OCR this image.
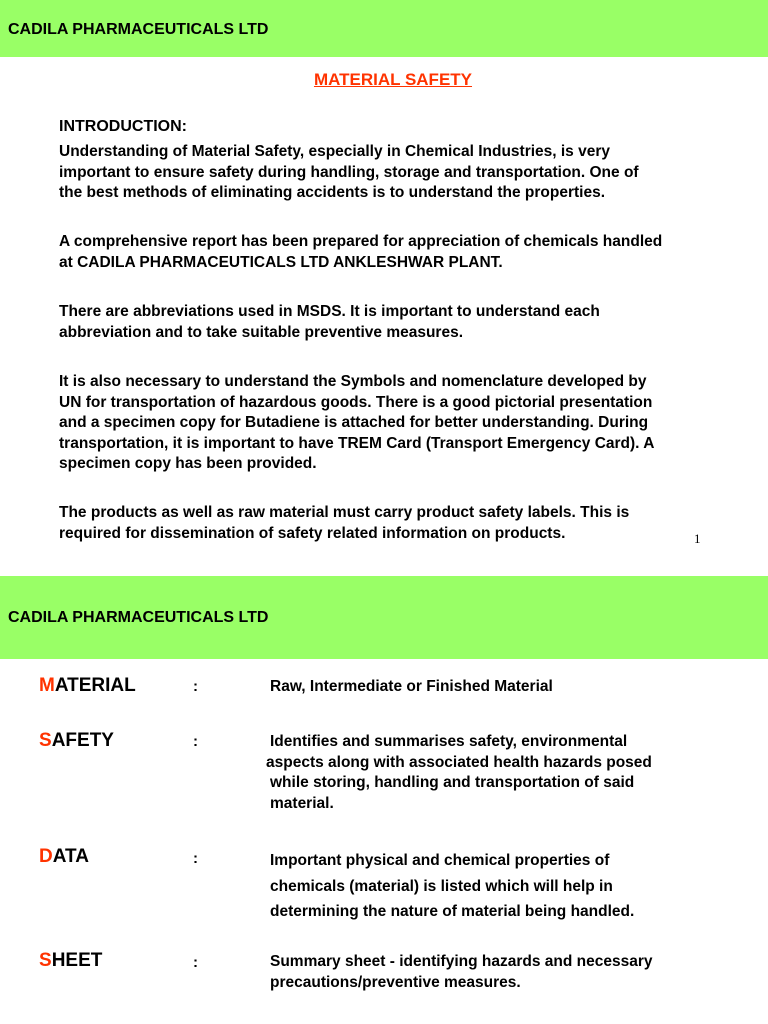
CADILA PHARMACEUTICALS LTD
MATERIAL SAFETY
INTRODUCTION:

Understanding of Material Safety, especially in Chemical Industries, is very
important to ensure safety during handling, storage and transportation. One of
the best methods of eliminating accidents is to understand the properties.

A comprehensive report has been prepared for appreciation of chemicals handled
at CADILA PHARMACEUTICALS LTD ANKLESHWAR PLANT.

There are abbreviations used in MSDS. It is important to understand each
abbreviation and to take suitable preventive measures.

It is also necessary to understand the Symbols and nomenclature developed by
UN for transportation of hazardous goods. There is a good pictorial presentation
and a specimen copy for Butadiene is attached for better understanding. During
transportation, it is important to have TREM Card (Transport Emergency Card). A
specimen copy has been provided.

The products as well as raw material must carry product safety labels. This is
required for dissemination of safety related information on products.	1
CADILA PHARMACEUTICALS LTD
MATERIAL	:	Raw, Intermediate or Finished Material
SAFETY	:	Identifies and summarises safety, environmental
aspects along with associated health hazards posed
while storing, handling and transportation of said
material.
DATA	:	Important physical and chemical properties of
chemicals (material) is listed which will help in
determining the nature of material being handled.
SHEET	:	Summary sheet - identifying hazards and necessary
precautions/preventive measures.
